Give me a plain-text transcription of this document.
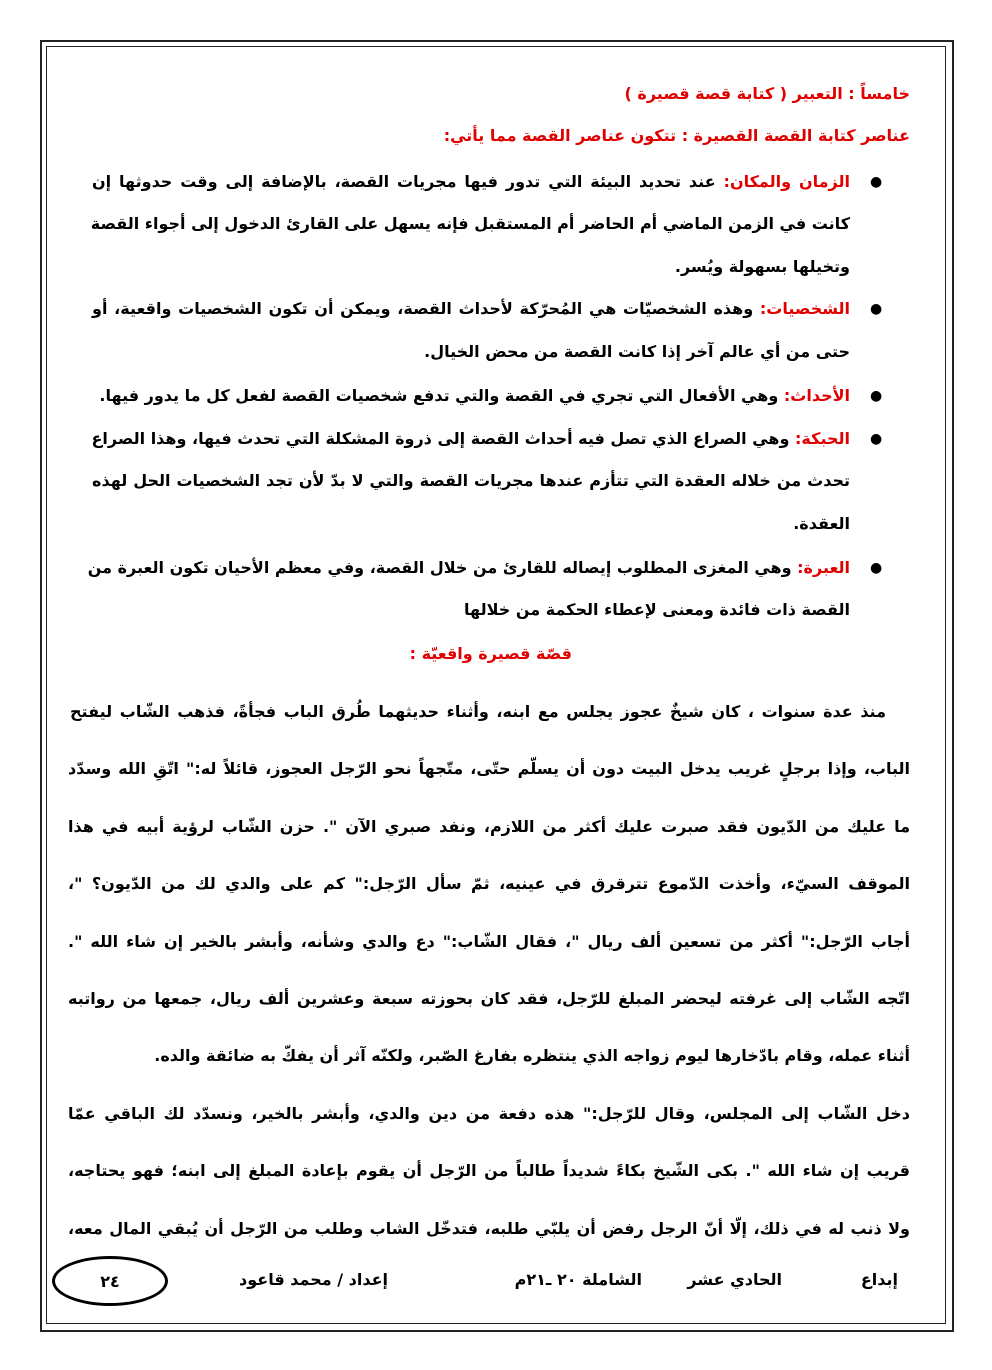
خامساً : التعبير ( كتابة قصة قصيرة )
عناصر كتابة القصة القصيرة : تتكون عناصر القصة مما يأتي:
●
الزمان والمكان: عند تحديد البيئة التي تدور فيها مجريات القصة، بالإضافة إلى وقت حدوثها إن
كانت في الزمن الماضي أم الحاضر أم المستقبل فإنه يسهل على القارئ الدخول إلى أجواء القصة
وتخيلها بسهولة ويُسر.
●
الشخصيات: وهذه الشخصيّات هي المُحرّكة لأحداث القصة، ويمكن أن تكون الشخصيات واقعية، أو
حتى من أي عالم آخر إذا كانت القصة من محض الخيال.
●
الأحداث: وهي الأفعال التي تجري في القصة والتي تدفع شخصيات القصة لفعل كل ما يدور فيها.
●
الحبكة: وهي الصراع الذي تصل فيه أحداث القصة إلى ذروة المشكلة التي تحدث فيها، وهذا الصراع
تحدث من خلاله العقدة التي تتأزم عندها مجريات القصة والتي لا بدّ لأن تجد الشخصيات الحل لهذه
العقدة.
●
العبرة: وهي المغزى المطلوب إيصاله للقارئ من خلال القصة، وفي معظم الأحيان تكون العبرة من
القصة ذات فائدة ومعنى لإعطاء الحكمة من خلالها
قصّة قصيرة واقعيّة :
منذ عدة سنوات ، كان شيخٌ عجوز يجلس مع ابنه، وأثناء حديثهما طُرق الباب فجأةً، فذهب الشّاب ليفتح
الباب، وإذا برجلٍ غريب يدخل البيت دون أن يسلّم حتّى، متّجهاً نحو الرّجل العجوز، قائلاً له:" اتّقِ الله وسدّد
ما عليك من الدّيون فقد صبرت عليك أكثر من اللازم، ونفد صبري الآن ". حزن الشّاب لرؤية أبيه في هذا
الموقف السيّء، وأخذت الدّموع تترقرق في عينيه، ثمّ سأل الرّجل:" كم على والدي لك من الدّيون؟ "،
أجاب الرّجل:" أكثر من تسعين ألف ريال "، فقال الشّاب:" دع والدي وشأنه، وأبشر بالخير إن شاء الله ".
اتّجه الشّاب إلى غرفته ليحضر المبلغ للرّجل، فقد كان بحوزته سبعة وعشرين ألف ريال، جمعها من رواتبه
أثناء عمله، وقام بادّخارها ليوم زواجه الذي ينتظره بفارغ الصّبر، ولكنّه آثر أن يفكّ به ضائقة والده.
دخل الشّاب إلى المجلس، وقال للرّجل:" هذه دفعة من دين والدي، وأبشر بالخير، ونسدّد لك الباقي عمّا
قريب إن شاء الله ". بكى الشّيخ بكاءً شديداً طالباً من الرّجل أن يقوم بإعادة المبلغ إلى ابنه؛ فهو يحتاجه،
ولا ذنب له في ذلك، إلّا أنّ الرجل رفض أن يلبّي طلبه، فتدخّل الشاب وطلب من الرّجل أن يُبقي المال معه،
إبداع
الحادي عشر
الشاملة ٢٠ ـ٢١م
إعداد / محمد قاعود
٢٤
